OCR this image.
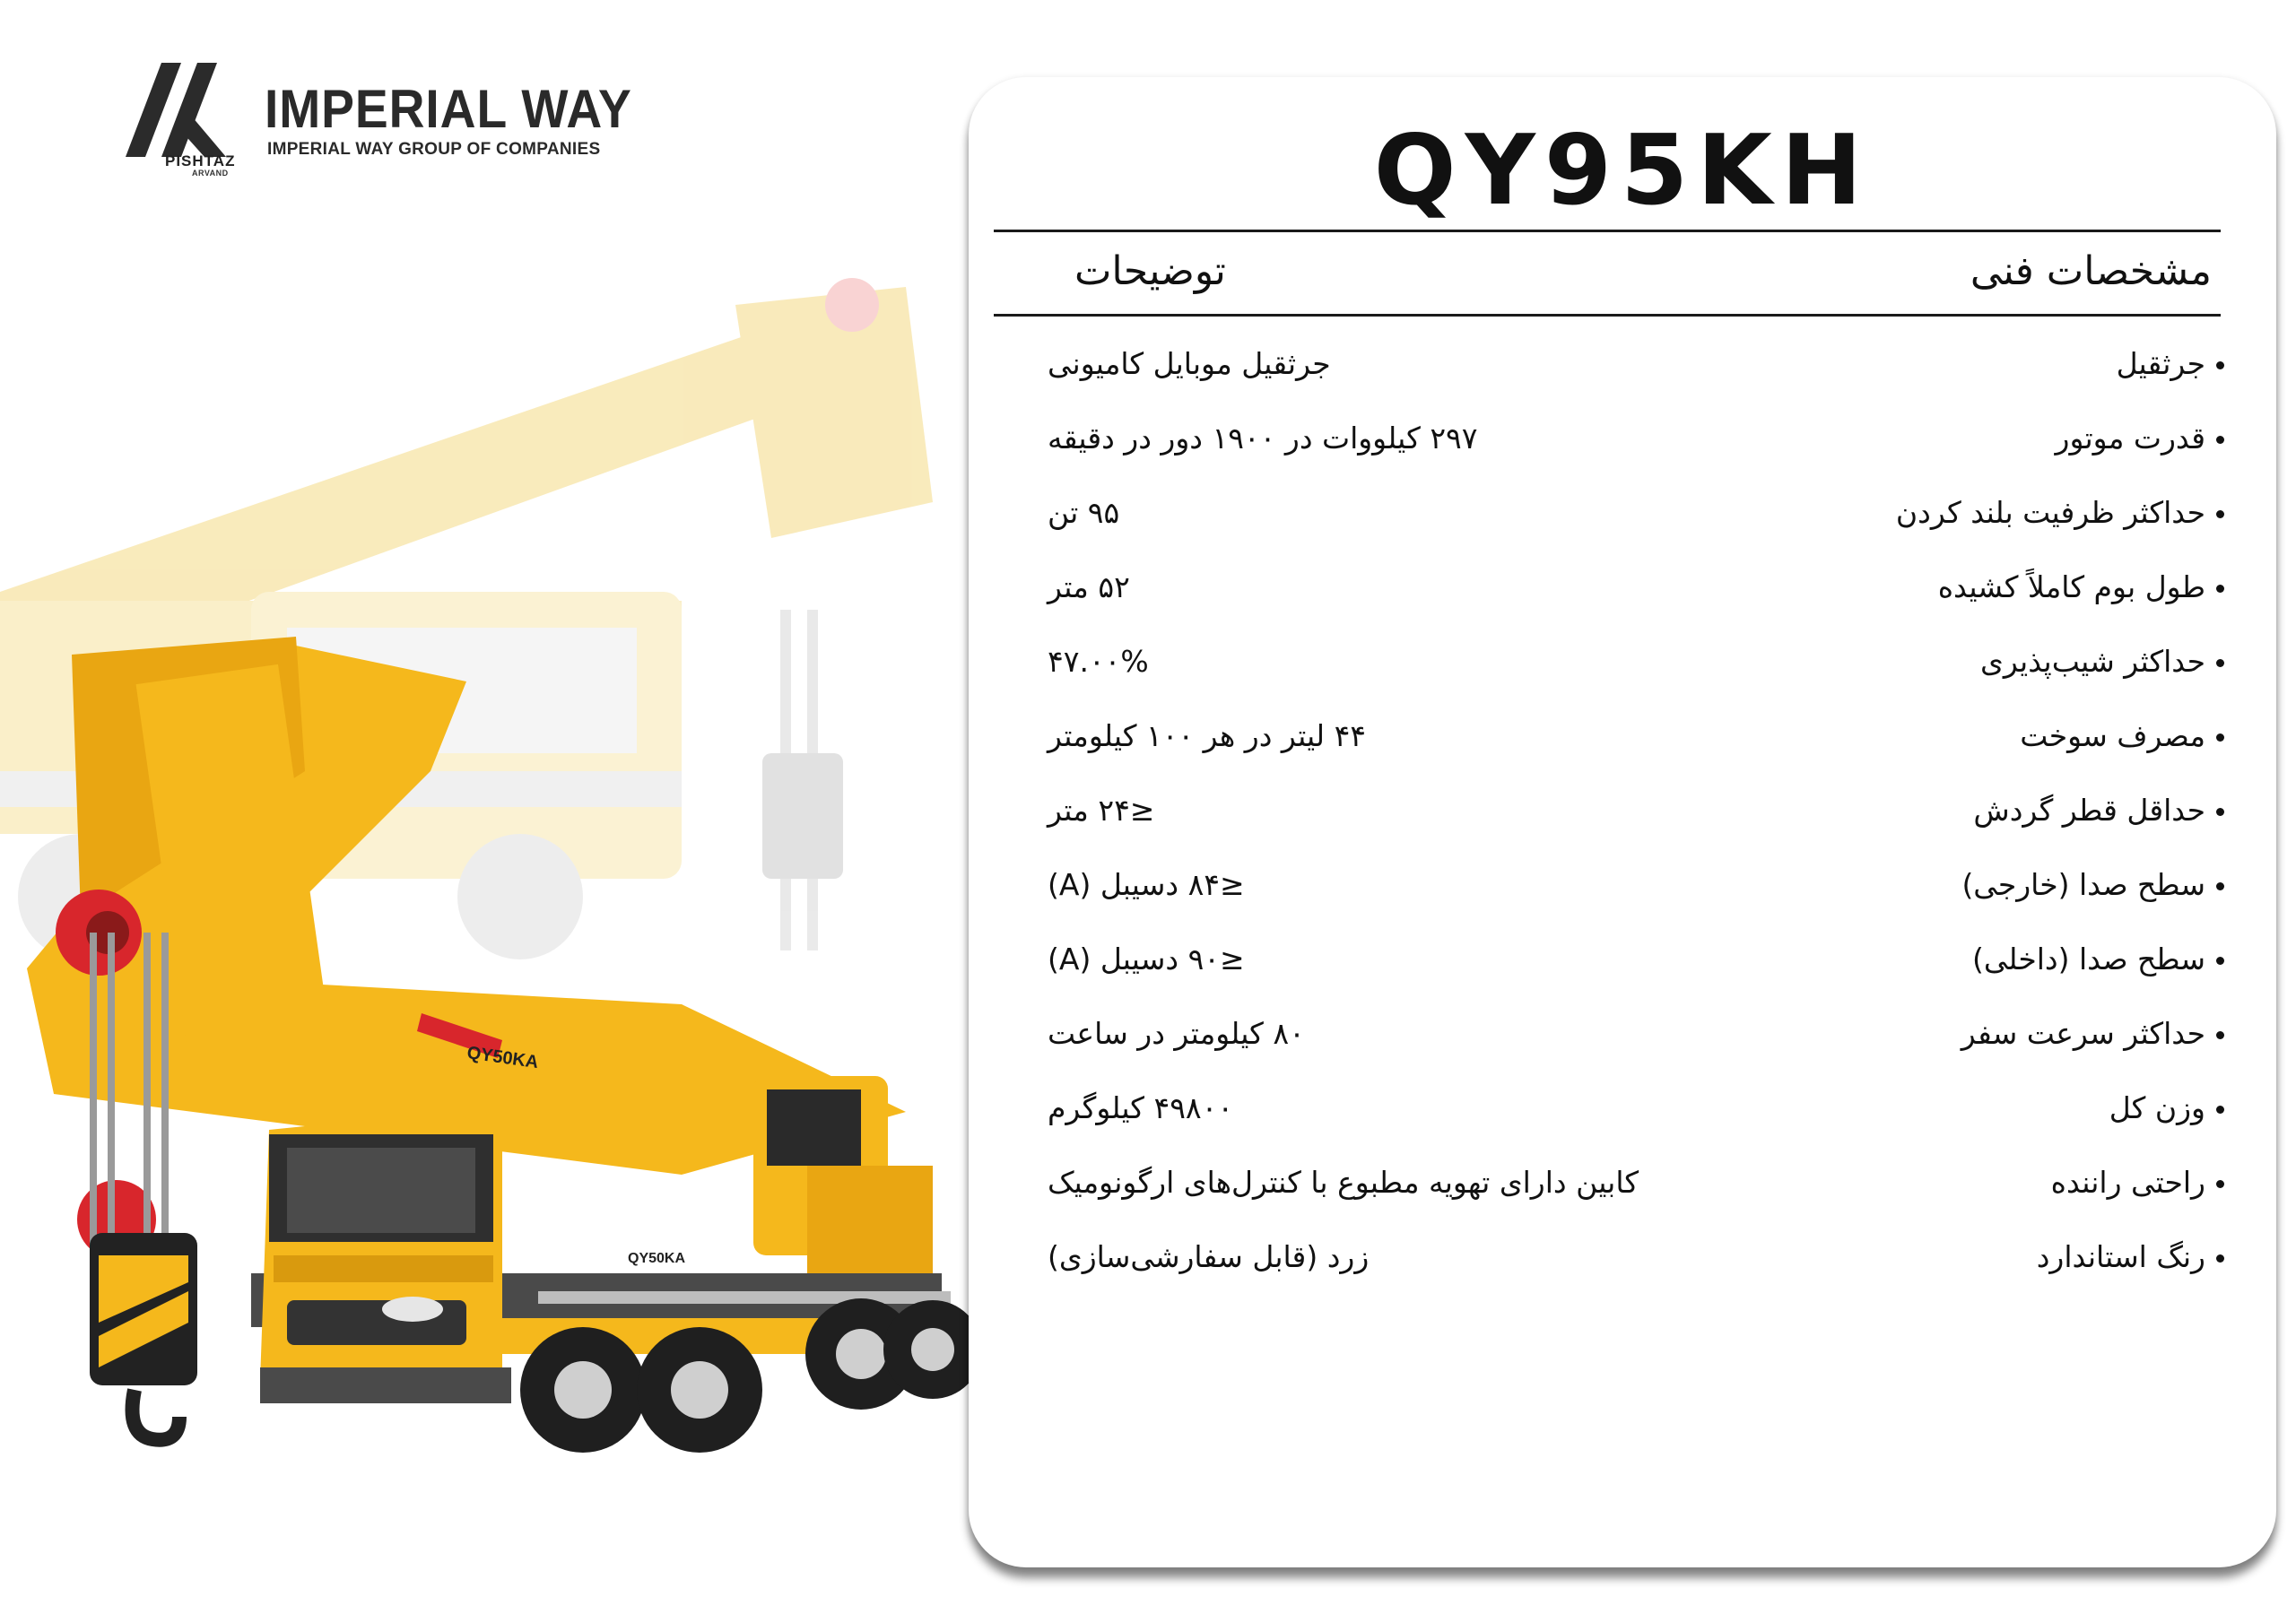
PISHTAZ
ARVAND
IMPERIAL WAY
IMPERIAL WAY GROUP OF COMPANIES
QY50KA
QY50KA
QY95KH
مشخصات فنی
توضیحات
جرثقیل
جرثقیل موبایل کامیونی
قدرت موتور
۲۹۷ کیلووات در ۱۹۰۰ دور در دقیقه
حداکثر ظرفیت بلند کردن
۹۵ تن
طول بوم کاملاً کشیده
۵۲ متر
حداکثر شیب‌پذیری
۴۷.۰۰%
مصرف سوخت
۴۴ لیتر در هر ۱۰۰ کیلومتر
حداقل قطر گردش
≤۲۴ متر
سطح صدا (خارجی)
≤۸۴ دسیبل (A)
سطح صدا (داخلی)
≤۹۰ دسیبل (A)
حداکثر سرعت سفر
۸۰ کیلومتر در ساعت
وزن کل
۴۹۸۰۰ کیلوگرم
راحتی راننده
کابین دارای تهویه مطبوع با کنترل‌های ارگونومیک
رنگ استاندارد
زرد (قابل سفارشی‌سازی)
